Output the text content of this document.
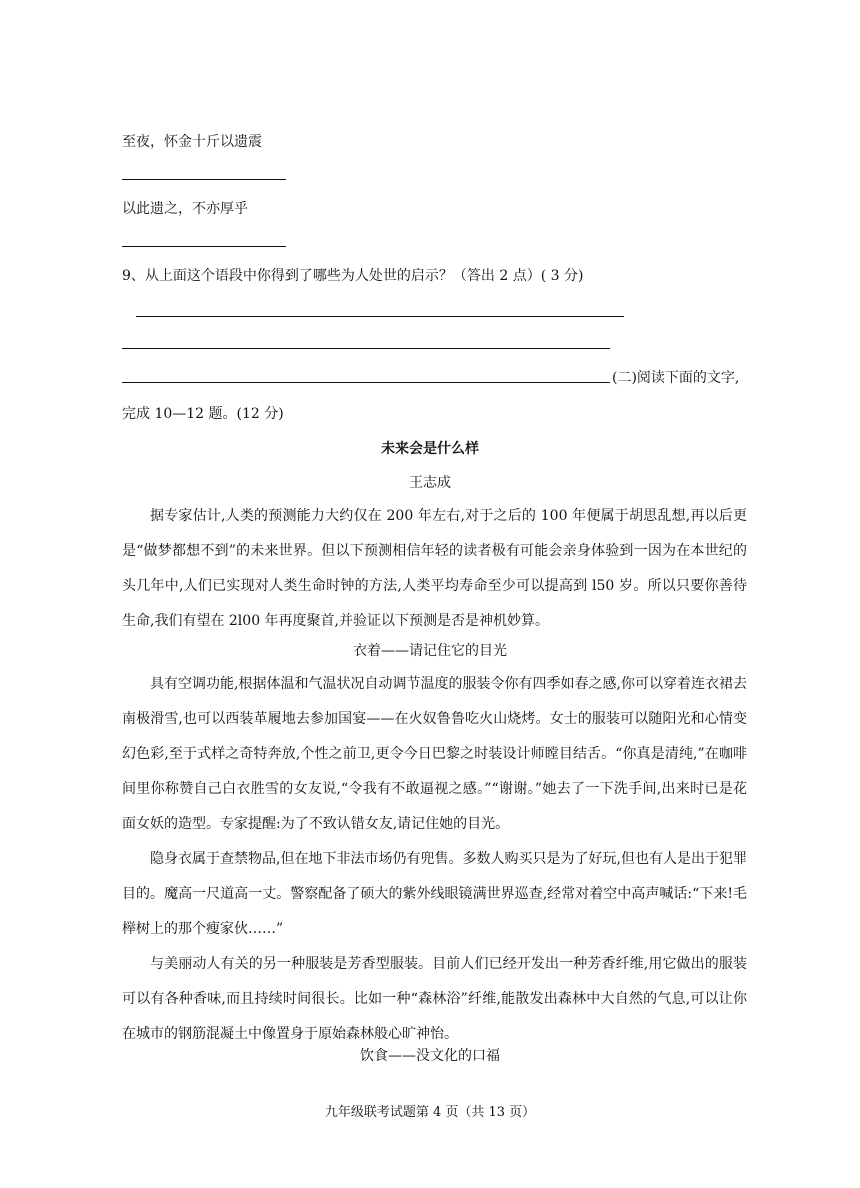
至夜，怀金十斤以遗震
以此遗之，不亦厚乎
9、从上面这个语段中你得到了哪些为人处世的启示？（答出 2 点）( 3 分)
(二)阅读下面的文字,
完成 10—12 题。(12 分)
未来会是什么样
王志成

据专家估计,人类的预测能力大约仅在 200 年左右,对于之后的 100 年便属于胡思乱想,再以后更是“做梦都想不到”的未来世界。但以下预测相信年轻的读者极有可能会亲身体验到一因为在本世纪的头几年中,人们已实现对人类生命时钟的方法,人类平均寿命至少可以提高到 l50 岁。所以只要你善待生命,我们有望在 2l00 年再度聚首,并验证以下预测是否是神机妙算。

衣着——请记住它的目光

具有空调功能,根据体温和气温状况自动调节温度的服装令你有四季如春之感,你可以穿着连衣裙去南极滑雪,也可以西装革履地去参加国宴——在火奴鲁鲁吃火山烧烤。女士的服装可以随阳光和心情变幻色彩,至于式样之奇特奔放,个性之前卫,更令今日巴黎之时装设计师瞠目结舌。“你真是清纯,”在咖啡间里你称赞自己白衣胜雪的女友说,“令我有不敢逼视之感。”“谢谢。”她去了一下洗手间,出来时已是花面女妖的造型。专家提醒:为了不致认错女友,请记住她的目光。

隐身衣属于查禁物品,但在地下非法市场仍有兜售。多数人购买只是为了好玩,但也有人是出于犯罪目的。魔高一尺道高一丈。警察配备了硕大的紫外线眼镜满世界巡查,经常对着空中高声喊话:“下来!毛榉树上的那个瘦家伙……”

与美丽动人有关的另一种服装是芳香型服装。目前人们已经开发出一种芳香纤维,用它做出的服装可以有各种香味,而且持续时间很长。比如一种“森林浴”纤维,能散发出森林中大自然的气息,可以让你在城市的钢筋混凝土中像置身于原始森林般心旷神怡。

饮食——没文化的口福
九年级联考试题第 4 页（共 13 页）
